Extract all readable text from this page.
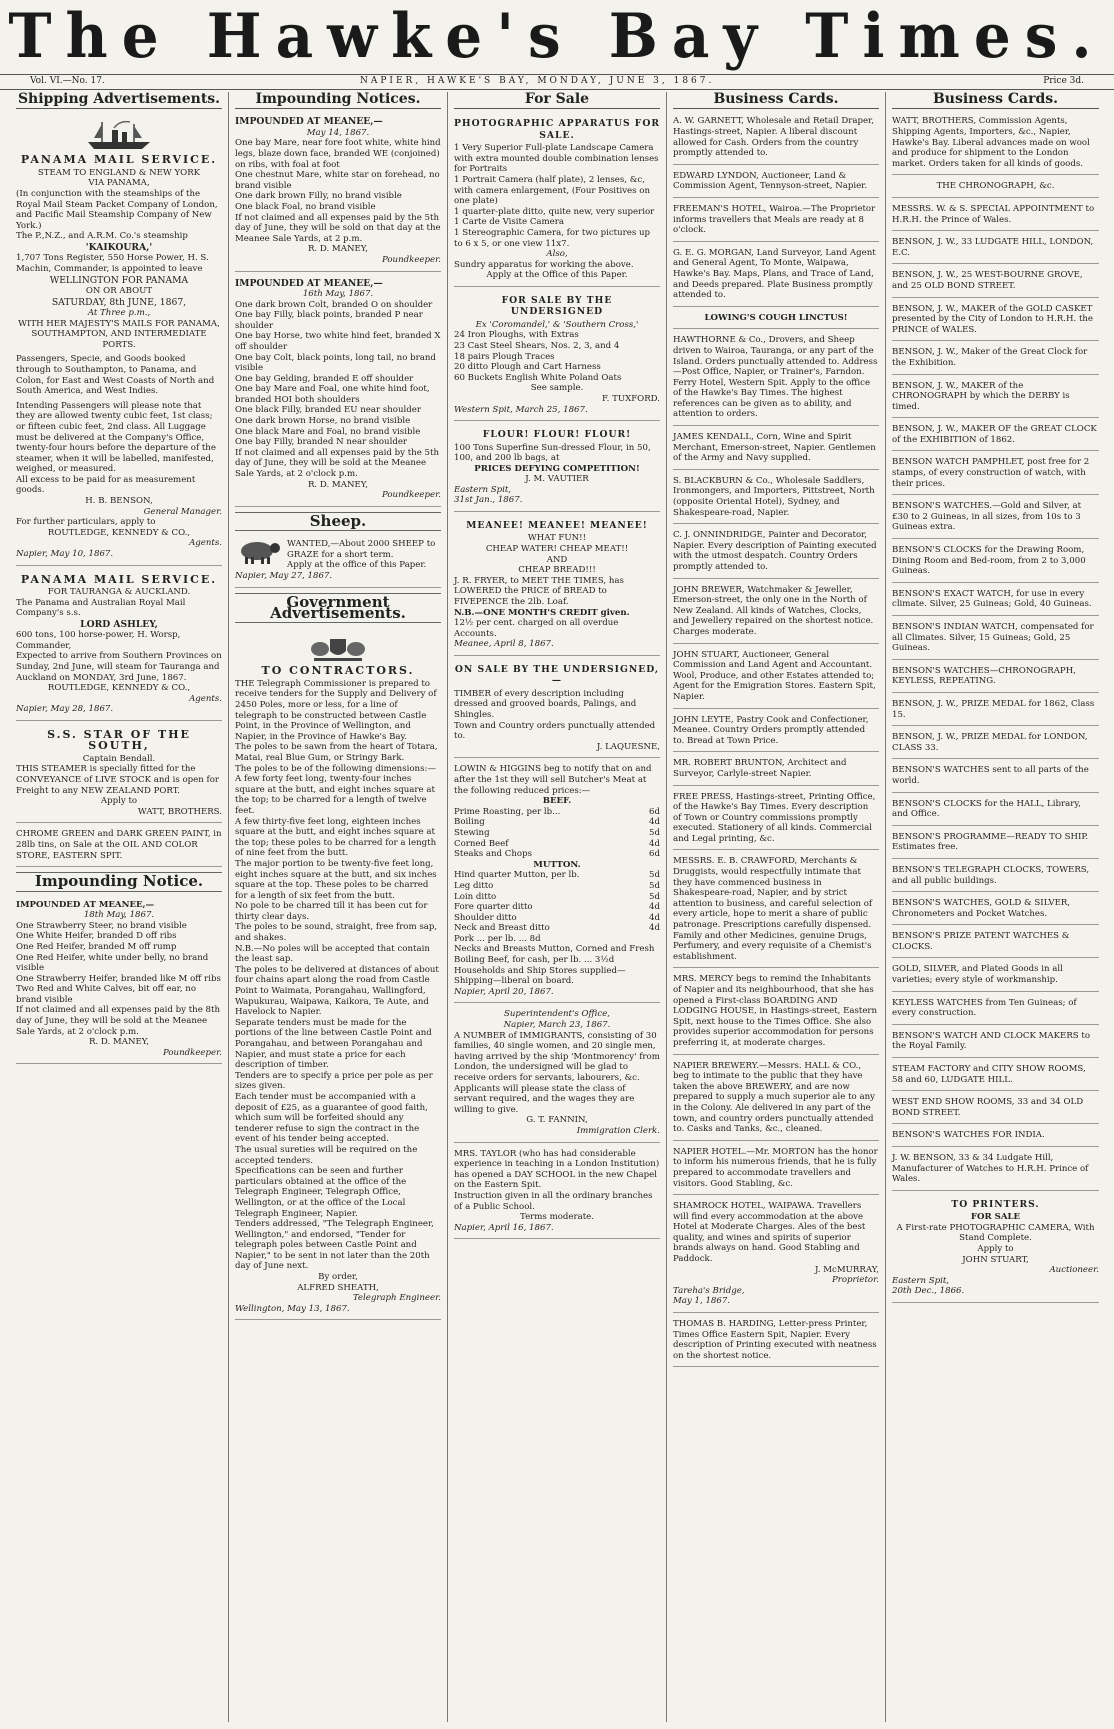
The Hawke's Bay Times.
Vol. VI.—No. 17.	NAPIER, HAWKE'S BAY, MONDAY, JUNE 3, 1867.	Price 3d.
Shipping Advertisements.
PANAMA MAIL SERVICE.
STEAM TO ENGLAND & NEW YORK
VIA PANAMA,
(In conjunction with the steamships of the Royal Mail Steam Packet Company of London, and Pacific Mail Steamship Company of New York.)
The P.,N.Z., and A.R.M. Co.'s steamship
'KAIKOURA,'
1,707 Tons Register, 550 Horse Power, H. S. Machin, Commander, is appointed to leave
WELLINGTON FOR PANAMA
ON OR ABOUT
SATURDAY, 8th JUNE, 1867,
At Three p.m.,
WITH HER MAJESTY'S MAILS FOR PANAMA, SOUTHAMPTON, AND INTERMEDIATE PORTS.
Passengers, Specie, and Goods booked through to Southampton, to Panama, and Colon, for East and West Coasts of North and South America, and West Indies.
Intending Passengers will please note that they are allowed twenty cubic feet, 1st class; or fifteen cubic feet, 2nd class. All Luggage must be delivered at the Company's Office, twenty-four hours before the departure of the steamer, when it will be labelled, manifested, weighed, or measured.
All excess to be paid for as measurement goods.
H. B. BENSON,
General Manager.
For further particulars, apply to
ROUTLEDGE, KENNEDY & CO.,
Agents.
Napier, May 10, 1867.
PANAMA MAIL SERVICE.
FOR TAURANGA & AUCKLAND.
The Panama and Australian Royal Mail Company's s.s.
LORD ASHLEY,
600 tons, 100 horse-power, H. Worsp, Commander,
Expected to arrive from Southern Provinces on Sunday, 2nd June, will steam for Tauranga and Auckland on MONDAY, 3rd June, 1867.
ROUTLEDGE, KENNEDY & CO.,
Agents.
Napier, May 28, 1867.
S.S. STAR OF THE SOUTH,
Captain Bendall.
THIS STEAMER is specially fitted for the CONVEYANCE of LIVE STOCK and is open for Freight to any NEW ZEALAND PORT.
Apply to
WATT, BROTHERS.
CHROME GREEN and DARK GREEN PAINT, in 28lb tins, on Sale at the OIL AND COLOR STORE, EASTERN SPIT.
Impounding Notice.
IMPOUNDED AT MEANEE,—
18th May, 1867.
One Strawberry Steer, no brand visible
One White Heifer, branded D off ribs
One Red Heifer, branded M off rump
One Red Heifer, white under belly, no brand visible
One Strawberry Heifer, branded like M off ribs
Two Red and White Calves, bit off ear, no brand visible
If not claimed and all expenses paid by the 8th day of June, they will be sold at the Meanee Sale Yards, at 2 o'clock p.m.
R. D. MANEY,
Poundkeeper.
Impounding Notices.
IMPOUNDED AT MEANEE,—
May 14, 1867.
One bay Mare, near fore foot white, white hind legs, blaze down face, branded WE (conjoined) on ribs, with foal at foot
One chestnut Mare, white star on forehead, no brand visible
One dark brown Filly, no brand visible
One black Foal, no brand visible
If not claimed and all expenses paid by the 5th day of June, they will be sold on that day at the Meanee Sale Yards, at 2 p.m.
R. D. MANEY,
Poundkeeper.
IMPOUNDED AT MEANEE,—
16th May, 1867.
One dark brown Colt, branded O on shoulder
One bay Filly, black points, branded P near shoulder
One bay Horse, two white hind feet, branded X off shoulder
One bay Colt, black points, long tail, no brand visible
One bay Gelding, branded E off shoulder
One bay Mare and Foal, one white hind foot, branded HOI both shoulders
One black Filly, branded EU near shoulder
One dark brown Horse, no brand visible
One black Mare and Foal, no brand visible
One bay Filly, branded N near shoulder
If not claimed and all expenses paid by the 5th day of June, they will be sold at the Meanee Sale Yards, at 2 o'clock p.m.
R. D. MANEY,
Poundkeeper.
Sheep.
WANTED,—About 2000 SHEEP to GRAZE for a short term.
Apply at the office of this Paper.
Napier, May 27, 1867.
Government Advertisements.
TO CONTRACTORS.
THE Telegraph Commissioner is prepared to receive tenders for the Supply and Delivery of 2450 Poles, more or less, for a line of telegraph to be constructed between Castle Point, in the Province of Wellington, and Napier, in the Province of Hawke's Bay.
The poles to be sawn from the heart of Totara, Matai, real Blue Gum, or Stringy Bark.
The poles to be of the following dimensions:—
A few forty feet long, twenty-four inches square at the butt, and eight inches square at the top; to be charred for a length of twelve feet.
A few thirty-five feet long, eighteen inches square at the butt, and eight inches square at the top; these poles to be charred for a length of nine feet from the butt.
The major portion to be twenty-five feet long, eight inches square at the butt, and six inches square at the top. These poles to be charred for a length of six feet from the butt.
No pole to be charred till it has been cut for thirty clear days.
The poles to be sound, straight, free from sap, and shakes.
N.B.—No poles will be accepted that contain the least sap.
The poles to be delivered at distances of about four chains apart along the road from Castle Point to Waimata, Porangahau, Wallingford, Wapukurau, Waipawa, Kaikora, Te Aute, and Havelock to Napier.
Separate tenders must be made for the portions of the line between Castle Point and Porangahau, and between Porangahau and Napier, and must state a price for each description of timber.
Tenders are to specify a price per pole as per sizes given.
Each tender must be accompanied with a deposit of £25, as a guarantee of good faith, which sum will be forfeited should any tenderer refuse to sign the contract in the event of his tender being accepted.
The usual sureties will be required on the accepted tenders.
Specifications can be seen and further particulars obtained at the office of the Telegraph Engineer, Telegraph Office, Wellington, or at the office of the Local Telegraph Engineer, Napier.
Tenders addressed, "The Telegraph Engineer, Wellington," and endorsed, "Tender for telegraph poles between Castle Point and Napier," to be sent in not later than the 20th day of June next.
By order,
ALFRED SHEATH,
Telegraph Engineer.
Wellington, May 13, 1867.
For Sale
PHOTOGRAPHIC APPARATUS FOR SALE.
1 Very Superior Full-plate Landscape Camera with extra mounted double combination lenses for Portraits
1 Portrait Camera (half plate), 2 lenses, &c, with camera enlargement, (Four Positives on one plate)
1 quarter-plate ditto, quite new, very superior
1 Carte de Visite Camera
1 Stereographic Camera, for two pictures up to 6 x 5, or one view 11x7.
Also,
Sundry apparatus for working the above.
Apply at the Office of this Paper.
FOR SALE BY THE UNDERSIGNED
Ex 'Coromandel,' & 'Southern Cross,'
24 Iron Ploughs, with Extras
23 Cast Steel Shears, Nos. 2, 3, and 4
18 pairs Plough Traces
20 ditto Plough and Cart Harness
60 Buckets English White Poland Oats
See sample.
F. TUXFORD.
Western Spit, March 25, 1867.
FLOUR! FLOUR! FLOUR!
100 Tons Superfine Sun-dressed Flour, in 50, 100, and 200 lb bags, at
PRICES DEFYING COMPETITION!
J. M. VAUTIER
Eastern Spit,
31st Jan., 1867.
MEANEE! MEANEE! MEANEE!
WHAT FUN!!
CHEAP WATER! CHEAP MEAT!!
AND
CHEAP BREAD!!!
J. R. FRYER, to MEET THE TIMES, has LOWERED the PRICE of BREAD to FIVEPENCE the 2lb. Loaf.
N.B.—ONE MONTH'S CREDIT given.
12½ per cent. charged on all overdue Accounts.
Meanee, April 8, 1867.
ON SALE BY THE UNDERSIGNED,—
TIMBER of every description including dressed and grooved boards, Palings, and Shingles.
Town and Country orders punctually attended to.
J. LAQUESNE,
LOWIN & HIGGINS beg to notify that on and after the 1st they will sell Butcher's Meat at the following reduced prices:—
BEEF.
Prime Roasting, per lb...	6d
Boiling	4d
Stewing	5d
Corned Beef	4d
Steaks and Chops	6d
MUTTON.
Hind quarter Mutton, per lb.	5d
Leg ditto	5d
Loin ditto	5d
Fore quarter ditto	4d
Shoulder ditto	4d
Neck and Breast ditto	4d
Pork ... per lb. ... 8d
Necks and Breasts Mutton, Corned and Fresh Boiling Beef, for cash, per lb. ... 3½d
Households and Ship Stores supplied—Shipping—liberal on board.
Napier, April 20, 1867.
Superintendent's Office,
Napier, March 23, 1867.
A NUMBER of IMMIGRANTS, consisting of 30 families, 40 single women, and 20 single men, having arrived by the ship 'Montmorency' from London, the undersigned will be glad to receive orders for servants, labourers, &c. Applicants will please state the class of servant required, and the wages they are willing to give.
G. T. FANNIN,
Immigration Clerk.
MRS. TAYLOR (who has had considerable experience in teaching in a London Institution) has opened a DAY SCHOOL in the new Chapel on the Eastern Spit.
Instruction given in all the ordinary branches of a Public School.
Terms moderate.
Napier, April 16, 1867.
Business Cards.
A. W. GARNETT, Wholesale and Retail Draper, Hastings-street, Napier. A liberal discount allowed for Cash. Orders from the country promptly attended to.
EDWARD LYNDON, Auctioneer, Land & Commission Agent, Tennyson-street, Napier.
FREEMAN'S HOTEL, Wairoa.—The Proprietor informs travellers that Meals are ready at 8 o'clock.
G. E. G. MORGAN, Land Surveyor, Land Agent and General Agent, To Monte, Waipawa, Hawke's Bay. Maps, Plans, and Trace of Land, and Deeds prepared. Plate Business promptly attended to.
LOWING'S COUGH LINCTUS!
HAWTHORNE & Co., Drovers, and Sheep driven to Wairoa, Tauranga, or any part of the Island. Orders punctually attended to. Address—Post Office, Napier, or Trainer's, Farndon. Ferry Hotel, Western Spit. Apply to the office of the Hawke's Bay Times. The highest references can be given as to ability, and attention to orders.
JAMES KENDALL, Corn, Wine and Spirit Merchant, Emerson-street, Napier. Gentlemen of the Army and Navy supplied.
S. BLACKBURN & Co., Wholesale Saddlers, Ironmongers, and Importers, Pittstreet, North (opposite Oriental Hotel), Sydney, and Shakespeare-road, Napier.
C. J. ONNINDRIDGE, Painter and Decorator, Napier. Every description of Painting executed with the utmost despatch. Country Orders promptly attended to.
JOHN BREWER, Watchmaker & Jeweller, Emerson-street, the only one in the North of New Zealand. All kinds of Watches, Clocks, and Jewellery repaired on the shortest notice. Charges moderate.
JOHN STUART, Auctioneer, General Commission and Land Agent and Accountant. Wool, Produce, and other Estates attended to; Agent for the Emigration Stores. Eastern Spit, Napier.
JOHN LEYTE, Pastry Cook and Confectioner, Meanee. Country Orders promptly attended to. Bread at Town Price.
MR. ROBERT BRUNTON, Architect and Surveyor, Carlyle-street Napier.
FREE PRESS, Hastings-street, Printing Office, of the Hawke's Bay Times. Every description of Town or Country commissions promptly executed. Stationery of all kinds. Commercial and Legal printing, &c.
MESSRS. E. B. CRAWFORD, Merchants & Druggists, would respectfully intimate that they have commenced business in Shakespeare-road, Napier, and by strict attention to business, and careful selection of every article, hope to merit a share of public patronage. Prescriptions carefully dispensed. Family and other Medicines, genuine Drugs, Perfumery, and every requisite of a Chemist's establishment.
MRS. MERCY begs to remind the Inhabitants of Napier and its neighbourhood, that she has opened a First-class BOARDING AND LODGING HOUSE, in Hastings-street, Eastern Spit, next house to the Times Office. She also provides superior accommodation for persons preferring it, at moderate charges.
NAPIER BREWERY.—Messrs. HALL & CO., beg to intimate to the public that they have taken the above BREWERY, and are now prepared to supply a much superior ale to any in the Colony. Ale delivered in any part of the town, and country orders punctually attended to. Casks and Tanks, &c., cleaned.
NAPIER HOTEL.—Mr. MORTON has the honor to inform his numerous friends, that he is fully prepared to accommodate travellers and visitors. Good Stabling, &c.
SHAMROCK HOTEL, WAIPAWA. Travellers will find every accommodation at the above Hotel at Moderate Charges. Ales of the best quality, and wines and spirits of superior brands always on hand. Good Stabling and Paddock.
J. McMURRAY,
Proprietor.
Tareha's Bridge,
May 1, 1867.
THOMAS B. HARDING, Letter-press Printer, Times Office Eastern Spit, Napier. Every description of Printing executed with neatness on the shortest notice.
Business Cards.
WATT, BROTHERS, Commission Agents, Shipping Agents, Importers, &c., Napier, Hawke's Bay. Liberal advances made on wool and produce for shipment to the London market. Orders taken for all kinds of goods.
THE CHRONOGRAPH, &c.
MESSRS. W. & S. SPECIAL APPOINTMENT to H.R.H. the Prince of Wales.
BENSON, J. W., 33 LUDGATE HILL, LONDON, E.C.
BENSON, J. W., 25 WEST-BOURNE GROVE, and 25 OLD BOND STREET.
BENSON, J. W., MAKER of the GOLD CASKET presented by the City of London to H.R.H. the PRINCE of WALES.
BENSON, J. W., Maker of the Great Clock for the Exhibition.
BENSON, J. W., MAKER of the CHRONOGRAPH by which the DERBY is timed.
BENSON, J. W., MAKER OF the GREAT CLOCK of the EXHIBITION of 1862.
BENSON WATCH PAMPHLET, post free for 2 stamps, of every construction of watch, with their prices.
BENSON'S WATCHES.—Gold and Silver, at £30 to 2 Guineas, in all sizes, from 10s to 3 Guineas extra.
BENSON'S CLOCKS for the Drawing Room, Dining Room and Bed-room, from 2 to 3,000 Guineas.
BENSON'S EXACT WATCH, for use in every climate. Silver, 25 Guineas; Gold, 40 Guineas.
BENSON'S INDIAN WATCH, compensated for all Climates. Silver, 15 Guineas; Gold, 25 Guineas.
BENSON'S WATCHES—CHRONOGRAPH, KEYLESS, REPEATING.
BENSON, J. W., PRIZE MEDAL for 1862, Class 15.
BENSON, J. W., PRIZE MEDAL for LONDON, CLASS 33.
BENSON'S WATCHES sent to all parts of the world.
BENSON'S CLOCKS for the HALL, Library, and Office.
BENSON'S PROGRAMME—READY TO SHIP. Estimates free.
BENSON'S TELEGRAPH CLOCKS, TOWERS, and all public buildings.
BENSON'S WATCHES, GOLD & SILVER, Chronometers and Pocket Watches.
BENSON'S PRIZE PATENT WATCHES & CLOCKS.
GOLD, SILVER, and Plated Goods in all varieties; every style of workmanship.
KEYLESS WATCHES from Ten Guineas; of every construction.
BENSON'S WATCH AND CLOCK MAKERS to the Royal Family.
STEAM FACTORY and CITY SHOW ROOMS, 58 and 60, LUDGATE HILL.
WEST END SHOW ROOMS, 33 and 34 OLD BOND STREET.
BENSON'S WATCHES FOR INDIA.
J. W. BENSON, 33 & 34 Ludgate Hill, Manufacturer of Watches to H.R.H. Prince of Wales.
TO PRINTERS.
FOR SALE
A First-rate PHOTOGRAPHIC CAMERA, With Stand Complete.
Apply to
JOHN STUART,
Auctioneer.
Eastern Spit,
20th Dec., 1866.
